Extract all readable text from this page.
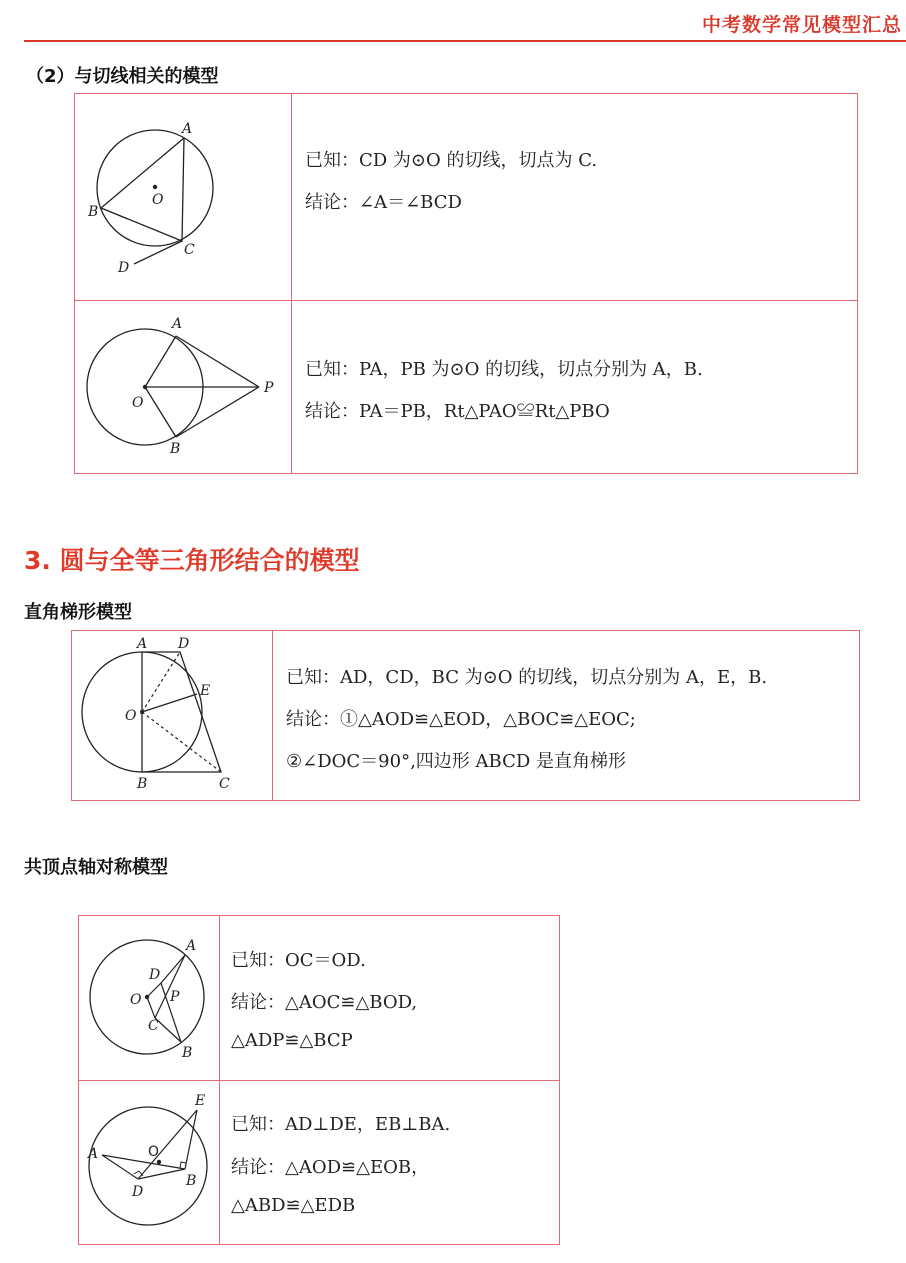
中考数学常见模型汇总
（2）与切线相关的模型
A
B
C
D
O
已知：CD 为⊙O 的切线，切点为 C.
结论：∠A＝∠BCD
A
B
O
P
已知：PA，PB 为⊙O 的切线，切点分别为 A，B.
结论：PA＝PB，Rt△PAO≌Rt△PBO
3. 圆与全等三角形结合的模型
直角梯形模型
A D
E
O
B	C
已知：AD，CD，BC 为⊙O 的切线，切点分别为 A，E，B.
结论：①△AOD≌△EOD，△BOC≌△EOC;
②∠DOC＝90°,四边形 ABCD 是直角梯形
共顶点轴对称模型
A
D
O P
C
B
已知：OC＝OD.
结论：△AOC≌△BOD,
△ADP≌△BCP
E
A	O
B
D
已知：AD⊥DE，EB⊥BA.
结论：△AOD≌△EOB，
△ABD≌△EDB
